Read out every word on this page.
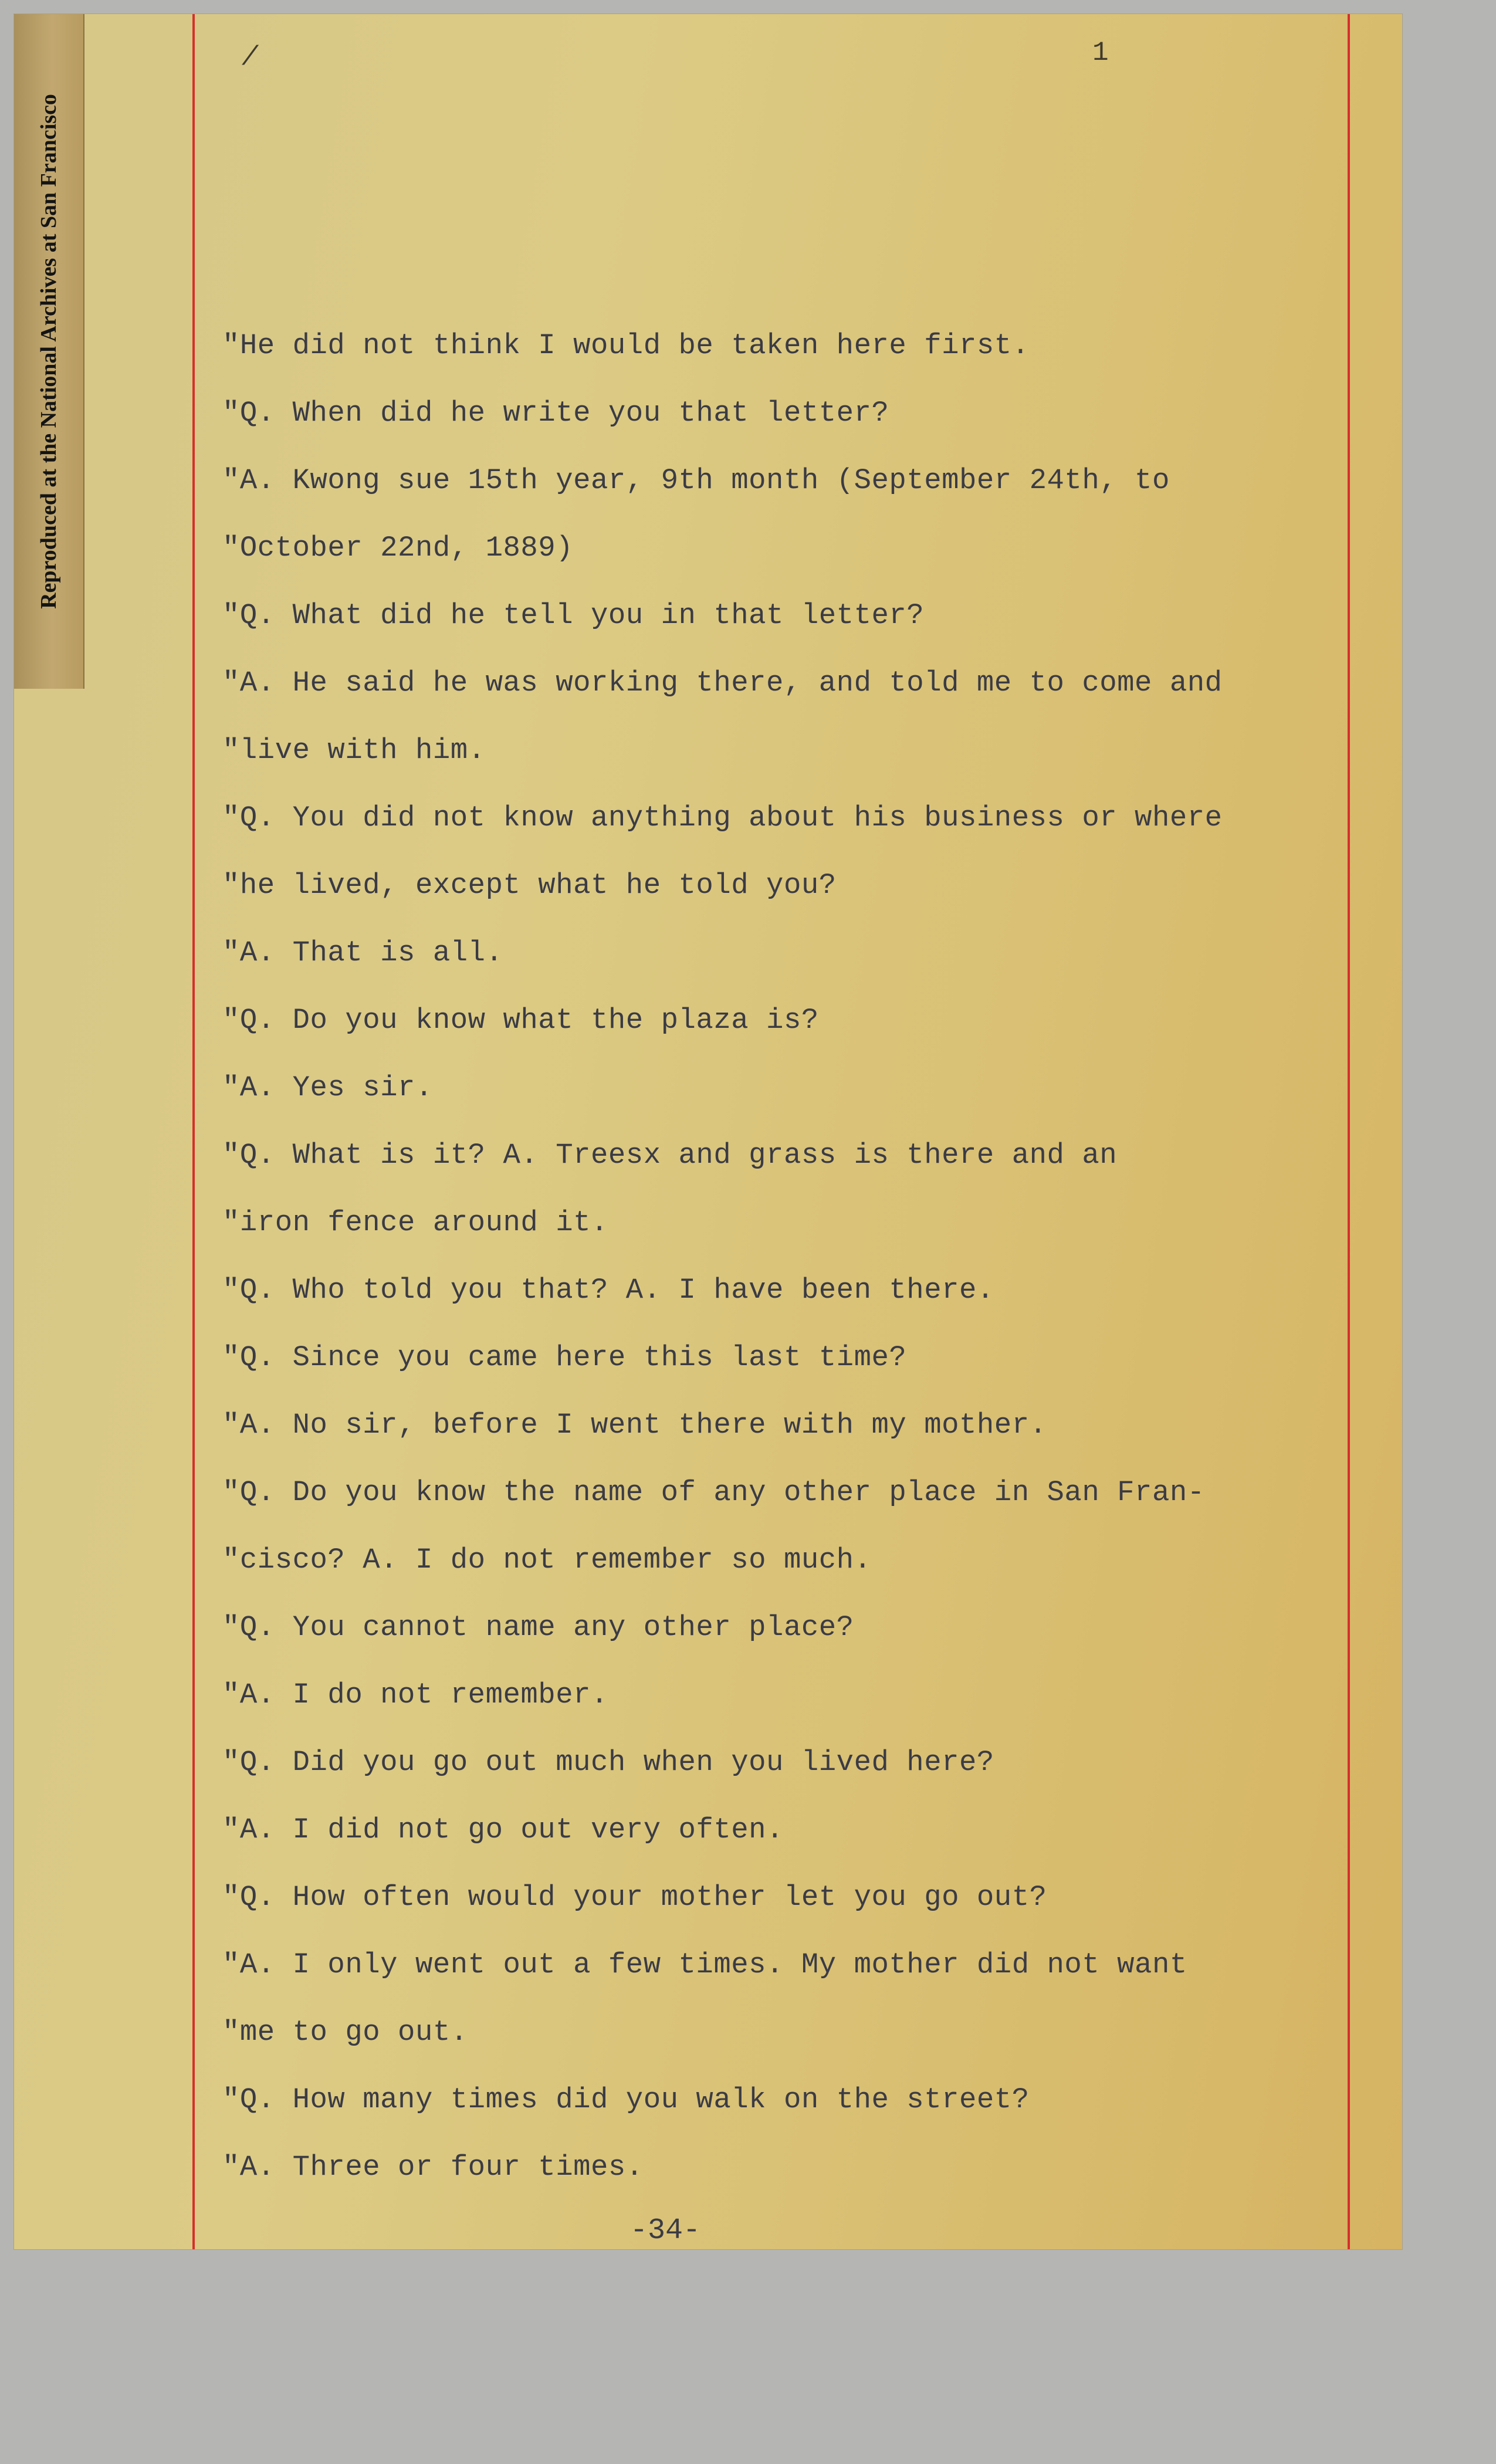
Reproduced at the National Archives at San Francisco
/	1
"He did not think I would be taken here first.
"Q. When did he write you that letter?
"A. Kwong sue 15th year, 9th month (September 24th, to
"October 22nd, 1889)
"Q. What did he tell you in that letter?
"A. He said he was working there, and told me to come and
"live with him.
"Q. You did not know anything about his business or where
"he lived, except what he told you?
"A. That is all.
"Q. Do you know what the plaza is?
"A. Yes sir.
"Q. What is it? A. Treesx and grass is there and an
"iron fence around it.
"Q. Who told you that? A. I have been there.
"Q. Since you came here this last time?
"A. No sir, before I went there with my mother.
"Q. Do you know the name of any other place in San Fran-
"cisco? A. I do not remember so much.
"Q. You cannot name any other place?
"A. I do not remember.
"Q. Did you go out much when you lived here?
"A. I did not go out very often.
"Q. How often would your mother let you go out?
"A. I only went out a few times. My mother did not want
"me to go out.
"Q. How many times did you walk on the street?
"A. Three or four times.
-34-
